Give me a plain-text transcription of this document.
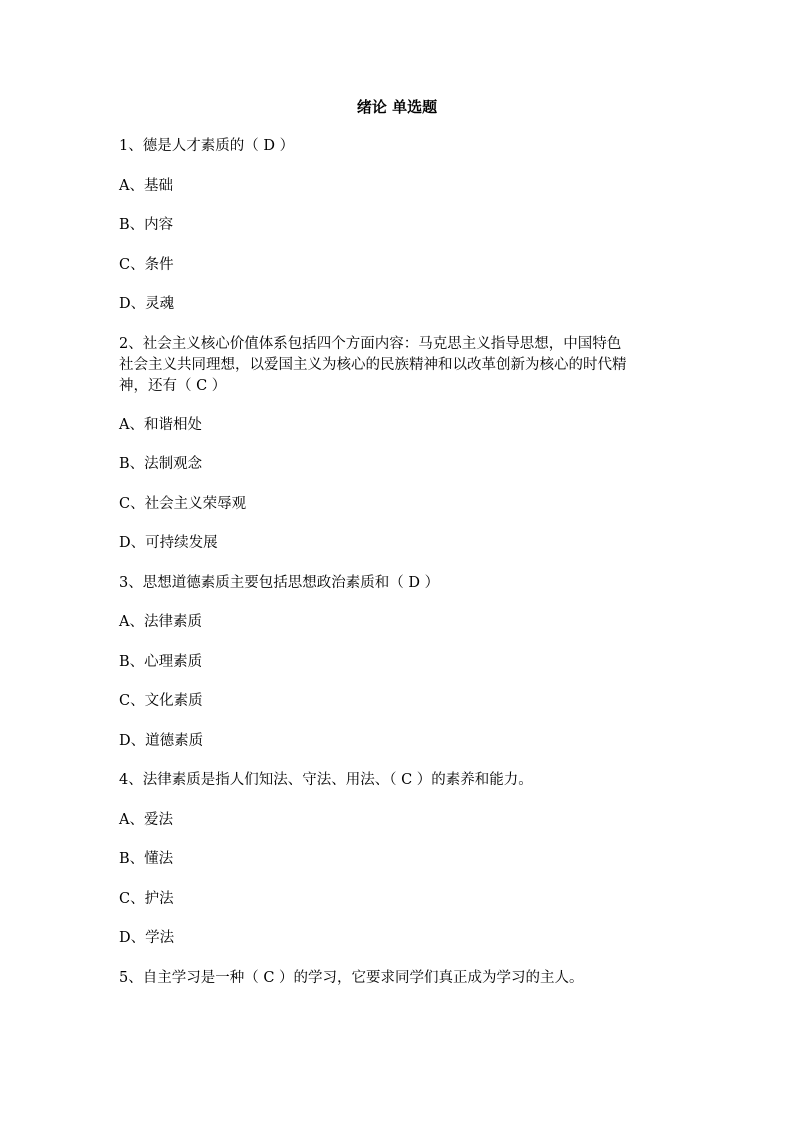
绪论 单选题
1、德是人才素质的（ D ）
A、基础
B、内容
C、条件
D、灵魂
2、社会主义核心价值体系包括四个方面内容：马克思主义指导思想，中国特色
社会主义共同理想，以爱国主义为核心的民族精神和以改革创新为核心的时代精
神，还有（ C ）
A、和谐相处
B、法制观念
C、社会主义荣辱观
D、可持续发展
3、思想道德素质主要包括思想政治素质和（ D ）
A、法律素质
B、心理素质
C、文化素质
D、道德素质
4、法律素质是指人们知法、守法、用法、（ C ）的素养和能力。
A、爱法
B、懂法
C、护法
D、学法
5、自主学习是一种（ C ）的学习，它要求同学们真正成为学习的主人。
